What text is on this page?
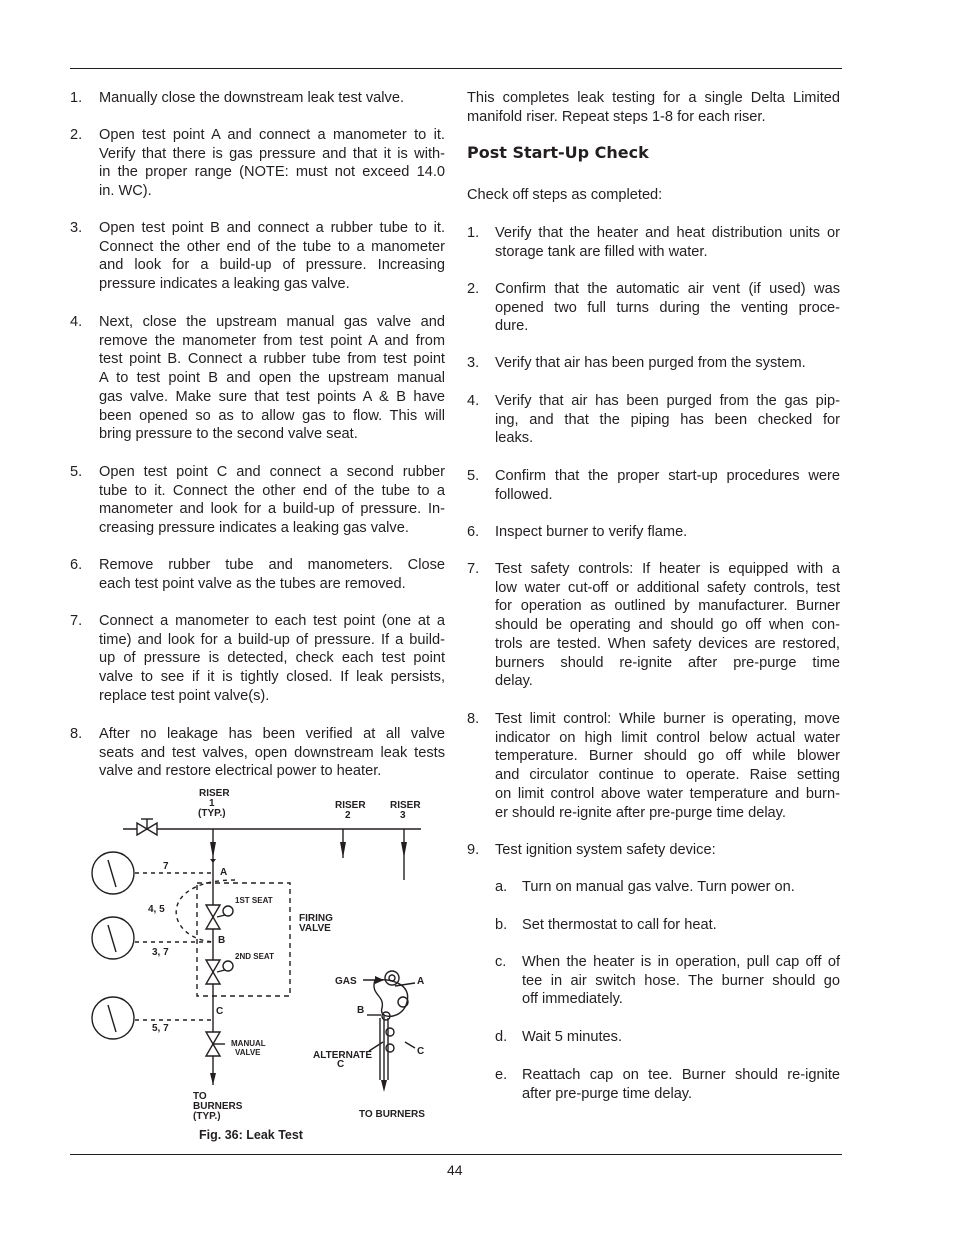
1. Manually close the downstream leak test valve.
2. Open test point A and connect a manometer to it.
Verify that there is gas pressure and that it is with-
in the proper range (NOTE: must not exceed 14.0
in. WC).
3. Open test point B and connect a rubber tube to it.
Connect the other end of the tube to a manometer
and look for a build-up of pressure. Increasing
pressure indicates a leaking gas valve.
4. Next, close the upstream manual gas valve and
remove the manometer from test point A and from
test point B. Connect a rubber tube from test point
A to test point B and open the upstream manual
gas valve. Make sure that test points A & B have
been opened so as to allow gas to flow. This will
bring pressure to the second valve seat.
5. Open test point C and connect a second rubber
tube to it. Connect the other end of the tube to a
manometer and look for a build-up of pressure. In-
creasing pressure indicates a leaking gas valve.
6. Remove rubber tube and manometers. Close
each test point valve as the tubes are removed.
7. Connect a manometer to each test point (one at a
time) and look for a build-up of pressure. If a build-
up of pressure is detected, check each test point
valve to see if it is tightly closed. If leak persists,
replace test point valve(s).
8. After no leakage has been verified at all valve
seats and test valves, open downstream leak tests
valve and restore electrical power to heater.
This completes leak testing for a single Delta Limited
manifold riser. Repeat steps 1-8 for each riser.
Post Start-Up Check
Check off steps as completed:
1. Verify that the heater and heat distribution units or
storage tank are filled with water.
2. Confirm that the automatic air vent (if used) was
opened two full turns during the venting proce-
dure.
3. Verify that air has been purged from the system.
4. Verify that air has been purged from the gas pip-
ing, and that the piping has been checked for
leaks.
5. Confirm that the proper start-up procedures were
followed.
6. Inspect burner to verify flame.
7. Test safety controls: If heater is equipped with a
low water cut-off or additional safety controls, test
for operation as outlined by manufacturer. Burner
should be operating and should go off when con-
trols are tested. When safety devices are restored,
burners should re-ignite after pre-purge time
delay.
8. Test limit control: While burner is operating, move
indicator on high limit control below actual water
temperature. Burner should go off while blower
and circulator continue to operate. Raise setting
on limit control above water temperature and burn-
er should re-ignite after pre-purge time delay.
9. Test ignition system safety device:
a. Turn on manual gas valve. Turn power on.
b. Set thermostat to call for heat.
c. When the heater is in operation, pull cap off of
tee in air switch hose. The burner should go
off immediately.
d. Wait 5 minutes.
e. Reattach cap on tee. Burner should re-ignite
after pre-purge time delay.
RISER
1
(TYP.)
RISER
2
RISER
3
A
B
C
1ST SEAT
2ND SEAT
FIRING
VALVE
MANUAL
VALVE
TO
BURNERS
(TYP.)
7
4, 5
3, 7
5, 7
GAS	A
B
C
ALTERNATE
C
TO BURNERS
Fig. 36: Leak Test
44
